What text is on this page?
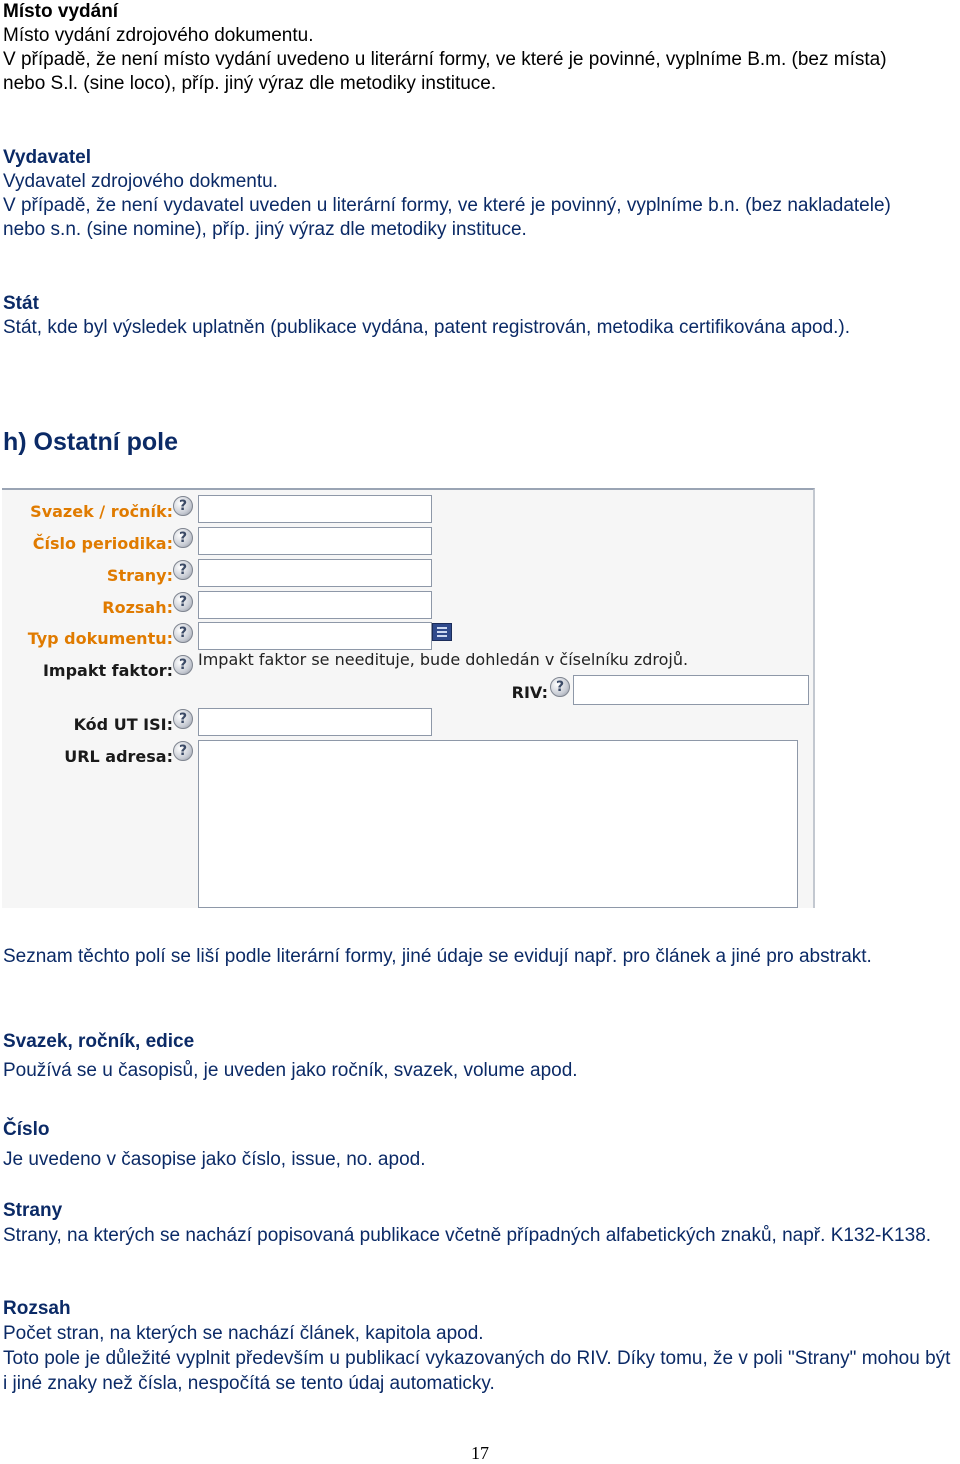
Místo vydání
Místo vydání zdrojového dokumentu.
V případě, že není místo vydání uvedeno u literární formy, ve které je povinné, vyplníme B.m. (bez místa)
nebo S.l. (sine loco), příp. jiný výraz dle metodiky instituce.
Vydavatel
Vydavatel zdrojového dokmentu.
V případě, že není vydavatel uveden u literární formy, ve které je povinný, vyplníme b.n. (bez nakladatele)
nebo s.n. (sine nomine), příp. jiný výraz dle metodiky instituce.
Stát
Stát, kde byl výsledek uplatněn (publikace vydána, patent registrován, metodika certifikována apod.).
h) Ostatní pole
Svazek / ročník: ?
Číslo periodika: ?
Strany: ?
Rozsah: ?
Typ dokumentu: ?
Impakt faktor: ? Impakt faktor se needituje, bude dohledán v číselníku zdrojů.
RIV: ?
Kód UT ISI: ?
URL adresa: ?
Seznam těchto polí se liší podle literární formy, jiné údaje se evidují např. pro článek a jiné pro abstrakt.
Svazek, ročník, edice
Používá se u časopisů, je uveden jako ročník, svazek, volume apod.
Číslo
Je uvedeno v časopise jako číslo, issue, no. apod.
Strany
Strany, na kterých se nachází popisovaná publikace včetně případných alfabetických znaků, např. K132-K138.
Rozsah
Počet stran, na kterých se nachází článek, kapitola apod.
Toto pole je důležité vyplnit především u publikací vykazovaných do RIV. Díky tomu, že v poli "Strany" mohou být i jiné znaky než čísla, nespočítá se tento údaj automaticky.
17
